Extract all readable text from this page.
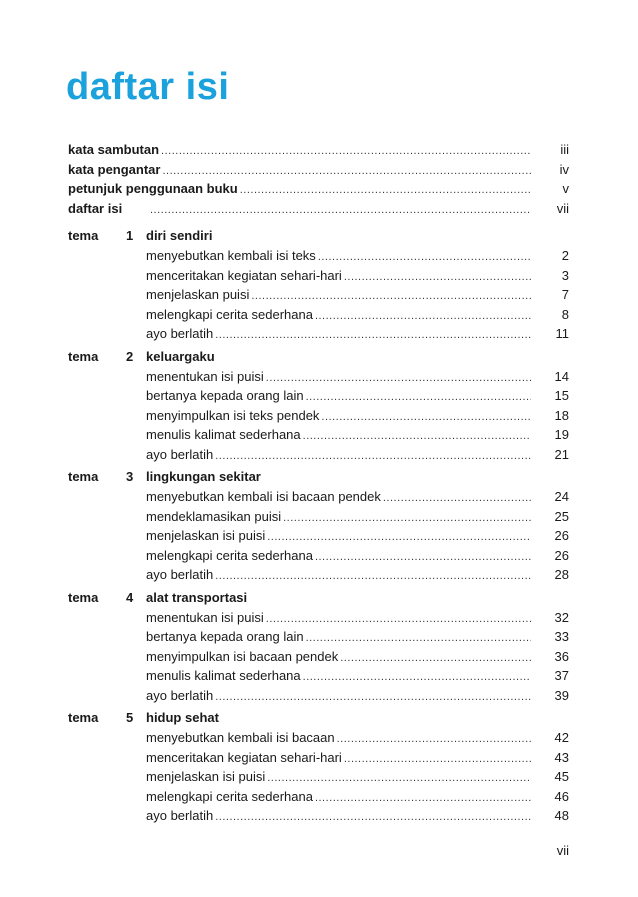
daftar isi
kata sambutan .....	iii
kata pengantar .....	iv
petunjuk penggunaan buku .....	v
daftar isi .....	vii
tema 1 diri sendiri
menyebutkan kembali isi teks .....	2
menceritakan kegiatan sehari-hari .....	3
menjelaskan puisi .....	7
melengkapi cerita sederhana .....	8
ayo berlatih .....	11
tema 2 keluargaku
menentukan isi puisi .....	14
bertanya kepada orang lain .....	15
menyimpulkan isi teks pendek .....	18
menulis kalimat sederhana .....	19
ayo berlatih .....	21
tema 3 lingkungan sekitar
menyebutkan kembali isi bacaan pendek .....	24
mendeklamasikan puisi .....	25
menjelaskan isi puisi .....	26
melengkapi cerita sederhana .....	26
ayo berlatih .....	28
tema 4 alat transportasi
menentukan isi puisi .....	32
bertanya kepada orang lain .....	33
menyimpulkan isi bacaan pendek .....	36
menulis kalimat sederhana .....	37
ayo berlatih .....	39
tema 5 hidup sehat
menyebutkan kembali isi bacaan .....	42
menceritakan kegiatan sehari-hari .....	43
menjelaskan isi puisi .....	45
melengkapi cerita sederhana .....	46
ayo berlatih .....	48
vii
